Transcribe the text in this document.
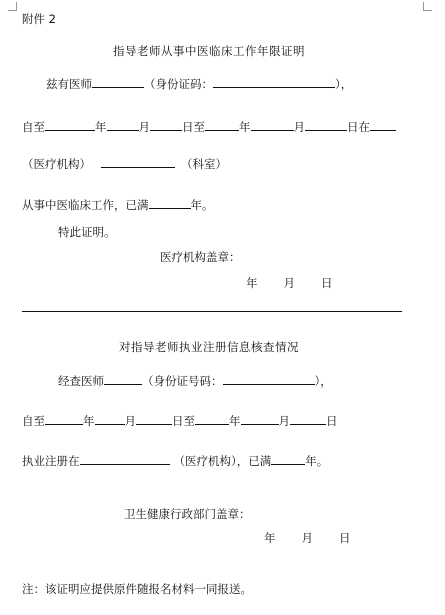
附件 2
指导老师从事中医临床工作年限证明
兹有医师	（身份证码：	），
自至	年	月	日至	年	月	日在
（医疗机构）	（科室）
从事中医临床工作，已满	年。
特此证明。
医疗机构盖章：
年 月 日
对指导老师执业注册信息核查情况
经查医师	（身份证号码：	），
自至	年	月	日至	年	月	日
执业注册在	（医疗机构），已满	年。
卫生健康行政部门盖章：
年 月 日
注：该证明应提供原件随报名材料一同报送。
